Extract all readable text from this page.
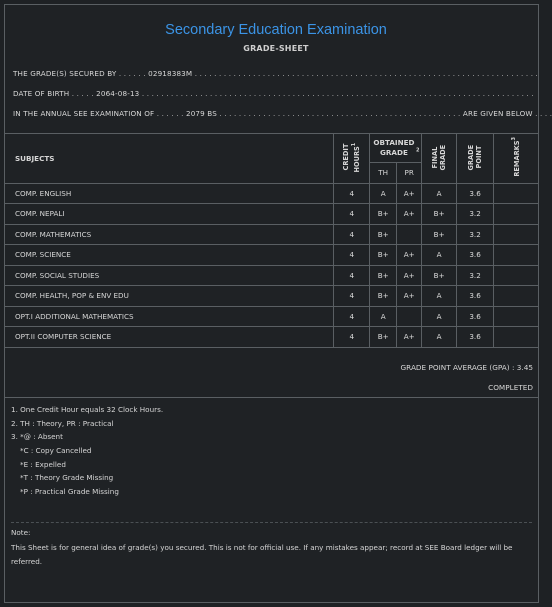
Secondary Education Examination
GRADE-SHEET
THE GRADE(S) SECURED BY . . . . . . 02918383M . . . . . . . . . . . . . . . . . . . . . . . . . . . . . . . . . . . . . . . . . . . . . . . . . . . . . . . . . . . . . . . . . . . . . . .
DATE OF BIRTH . . . . . 2064-08-13 . . . . . . . . . . . . . . . . . . . . . . . . . . . . . . . . . . . . . . . . . . . . . . . . . . . . . . . . . . . . . . . . . . . . . . . . . . . . . . . . .
IN THE ANNUAL SEE EXAMINATION OF . . . . . . 2079 BS . . . . . . . . . . . . . . . . . . . . . . . . . . . . . . . . . . . . . . . . . . . . . . . . . . ARE GIVEN BELOW . . . .
SUBJECTS	CREDIT HOURS$^1$	OBTAINED GRADE $^2$		FINAL GRADE	GRADE POINT	REMARKS$^3$
		TH	PR			
COMP. ENGLISH	4	A	A+	A	3.6	
COMP. NEPALI	4	B+	A+	B+	3.2	
COMP. MATHEMATICS	4	B+		B+	3.2	
COMP. SCIENCE	4	B+	A+	A	3.6	
COMP. SOCIAL STUDIES	4	B+	A+	B+	3.2	
COMP. HEALTH, POP & ENV EDU	4	B+	A+	A	3.6	
OPT.I ADDITIONAL MATHEMATICS	4	A		A	3.6	
OPT.II COMPUTER SCIENCE	4	B+	A+	A	3.6	
GRADE POINT AVERAGE (GPA) : 3.45
COMPLETED
1. One Credit Hour equals 32 Clock Hours.
2. TH : Theory, PR : Practical
3. *@ : Absent
*C : Copy Cancelled
*E : Expelled
*T : Theory Grade Missing
*P : Practical Grade Missing
Note:
This Sheet is for general idea of grade(s) you secured. This is not for official use. If any mistakes appear; record at SEE Board ledger will be referred.
